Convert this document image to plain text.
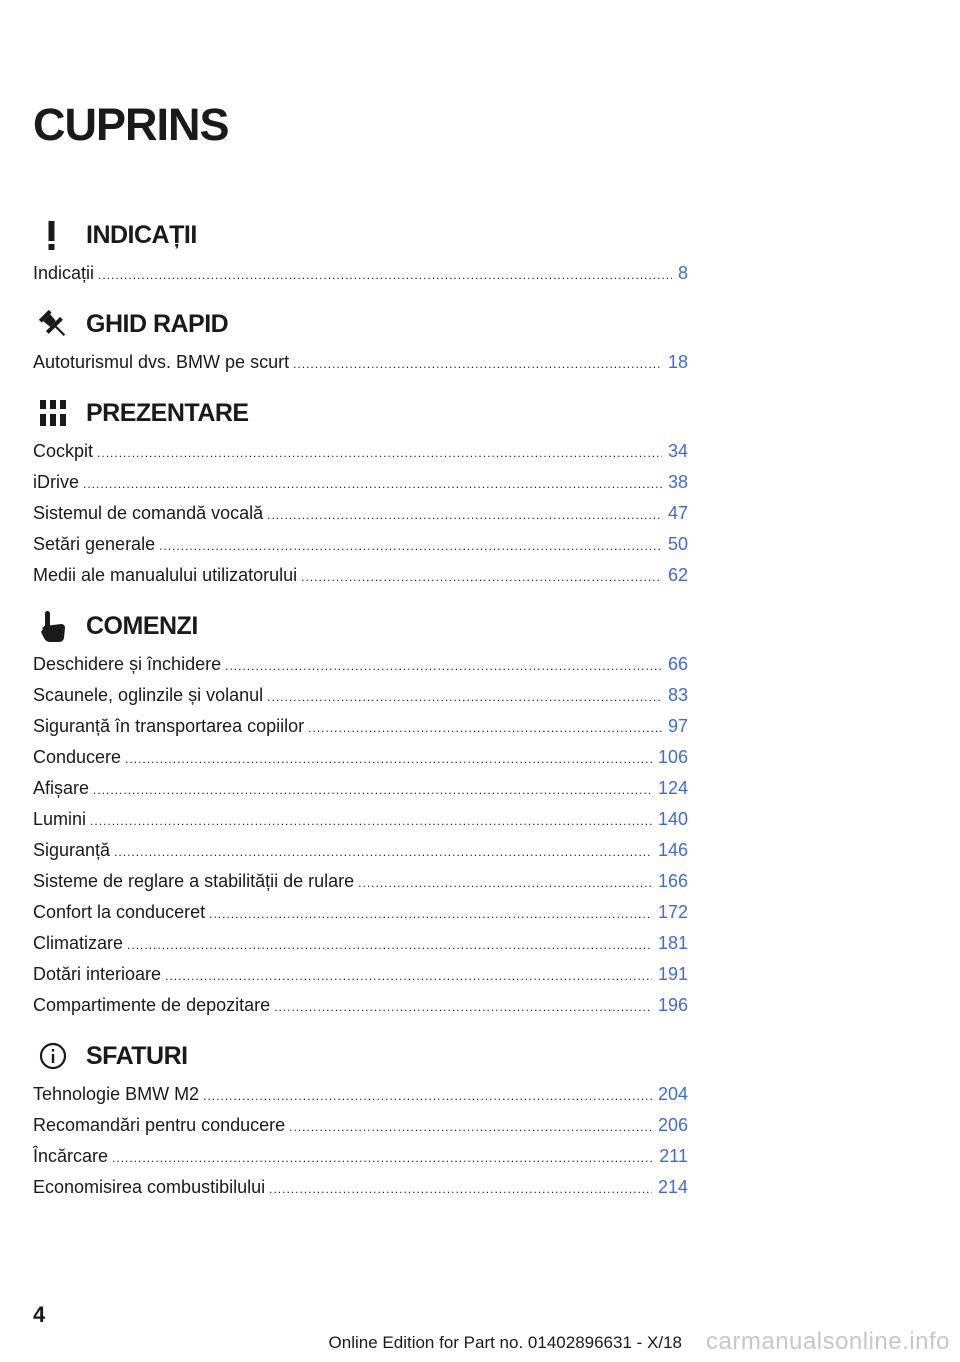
CUPRINS
INDICAȚII
Indicații .....	8
GHID RAPID
Autoturismul dvs. BMW pe scurt .....	18
PREZENTARE
Cockpit .....	34
iDrive .....	38
Sistemul de comandă vocală .....	47
Setări generale .....	50
Medii ale manualului utilizatorului .....	62
COMENZI
Deschidere și închidere .....	66
Scaunele, oglinzile și volanul .....	83
Siguranță în transportarea copiilor .....	97
Conducere .....	106
Afișare .....	124
Lumini .....	140
Siguranță .....	146
Sisteme de reglare a stabilității de rulare .....	166
Confort la conduceret .....	172
Climatizare .....	181
Dotări interioare .....	191
Compartimente de depozitare .....	196
SFATURI
Tehnologie BMW M2 .....	204
Recomandări pentru conducere .....	206
Încărcare .....	211
Economisirea combustibilului .....	214
4
carmanualsonline.info
Online Edition for Part no. 01402896631 - X/18
